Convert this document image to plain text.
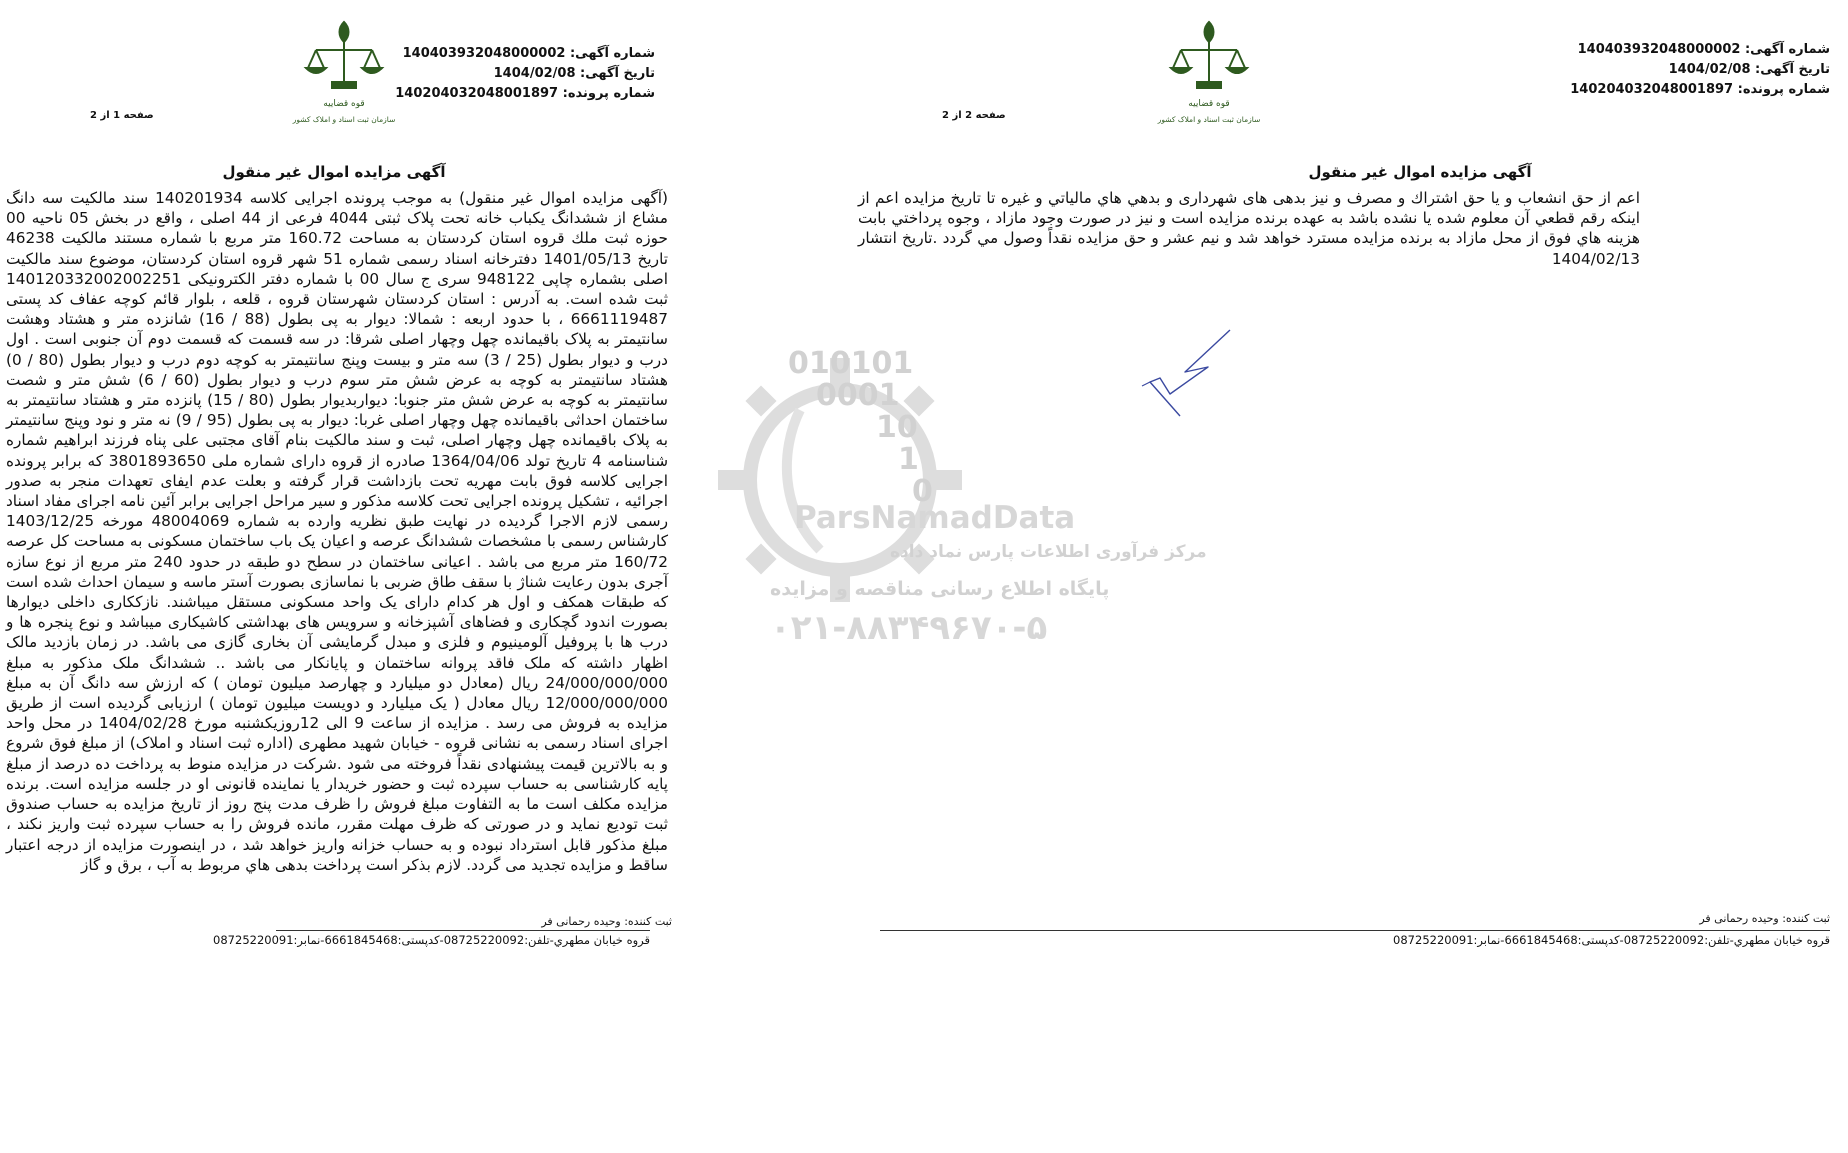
شماره آگهی: 140403932048000002
تاریخ آگهی: 1404/02/08
شماره پرونده: 140204032048001897
قوه قضاییه
سازمان ثبت اسناد و املاک کشور
صفحه 1 از 2
آگهی مزایده اموال غیر منقول

(آگهی مزایده اموال غیر منقول) به موجب پرونده اجرایی کلاسه 140201934 سند مالکیت سه دانگ مشاع از ششدانگ یکباب خانه تحت پلاک ثبتی 4044 فرعی از 44 اصلی ، واقع در بخش 05 ناحیه 00 حوزه ثبت ملك قروه استان کردستان به مساحت 160.72 متر مربع با شماره مستند مالکیت 46238 تاریخ 1401/05/13 دفترخانه اسناد رسمی شماره 51 شهر قروه استان کردستان، موضوع سند مالکیت اصلی بشماره چاپی 948122 سری ج سال 00 با شماره دفتر الکترونیکی 140120332002002251 ثبت شده است. به آدرس : استان کردستان شهرستان قروه ، قلعه ، بلوار قائم کوچه عفاف کد پستی 6661119487 ، با حدود اربعه : شمالا: دیوار به پی بطول (88 / 16) شانزده متر و هشتاد وهشت سانتیمتر به پلاک باقیمانده چهل وچهار اصلی شرقا: در سه قسمت که قسمت دوم آن جنوبی است . اول درب و دیوار بطول (25 / 3) سه متر و بیست وپنج سانتیمتر به کوچه دوم درب و دیوار بطول (80 / 0) هشتاد سانتیمتر به کوچه به عرض شش متر سوم درب و دیوار بطول (60 / 6) شش متر و شصت سانتیمتر به کوچه به عرض شش متر جنوبا: دیواربدیوار بطول (80 / 15) پانزده متر و هشتاد سانتیمتر به ساختمان احداثی باقیمانده چهل وچهار اصلی غربا: دیوار به پی بطول (95 / 9) نه متر و نود وپنج سانتیمتر به پلاک باقیمانده چهل وچهار اصلی، ثبت و سند مالکیت بنام آقای مجتبی علی پناه فرزند ابراهیم شماره شناسنامه 4 تاریخ تولد 1364/04/06 صادره از قروه دارای شماره ملی 3801893650 که برابر پرونده اجرایی کلاسه فوق بابت مهریه تحت بازداشت قرار گرفته و بعلت عدم ایفای تعهدات منجر به صدور اجرائیه ، تشکیل پرونده اجرایی تحت کلاسه مذکور و سیر مراحل اجرایی برابر آئین نامه اجرای مفاد اسناد رسمی لازم الاجرا گردیده در نهایت طبق نظریه وارده به شماره 48004069 مورخه 1403/12/25 کارشناس رسمی با مشخصات ششدانگ عرصه و اعیان یک باب ساختمان مسکونی به مساحت کل عرصه 160/72 متر مربع می باشد . اعیانی ساختمان در سطح دو طبقه در حدود 240 متر مربع از نوع سازه آجری بدون رعایت شناژ با سقف طاق ضربی با نماسازی بصورت آستر ماسه و سیمان احداث شده است که طبقات همکف و اول هر کدام دارای یک واحد مسکونی مستقل میباشند. نازککاری داخلی دیوارها بصورت اندود گچکاری و فضاهای آشپزخانه و سرویس های بهداشتی کاشیکاری میباشد و نوع پنجره ها و درب ها با پروفیل آلومینیوم و فلزی و مبدل گرمایشی آن بخاری گازی می باشد. در زمان بازدید مالک اظهار داشته که ملک فاقد پروانه ساختمان و پایانکار می باشد .. ششدانگ ملک مذکور به مبلغ 24/000/000/000 ریال (معادل دو میلیارد و چهارصد میلیون تومان ) که ارزش سه دانگ آن به مبلغ 12/000/000/000 ریال معادل ( یک میلیارد و دویست میلیون تومان ) ارزیابی گردیده است از طریق مزایده به فروش می رسد . مزایده از ساعت 9 الی 12روزیکشنبه مورخ 1404/02/28 در محل واحد اجرای اسناد رسمی به نشانی قروه - خیابان شهید مطهری (اداره ثبت اسناد و املاک) از مبلغ فوق شروع و به بالاترین قیمت پیشنهادی نقداً فروخته می شود .شرکت در مزایده منوط به پرداخت ده درصد از مبلغ پایه کارشناسی به حساب سپرده ثبت و حضور خریدار یا نماینده قانونی او در جلسه مزایده است. برنده مزایده مکلف است ما به التفاوت مبلغ فروش را ظرف مدت پنج روز از تاریخ مزایده به حساب صندوق ثبت تودیع نماید و در صورتی که ظرف مهلت مقرر، مانده فروش را به حساب سپرده ثبت واریز نکند ، مبلغ مذکور قابل استرداد نبوده و به حساب خزانه واریز خواهد شد ، در اینصورت مزایده از درجه اعتبار ساقط و مزایده تجدید می گردد. لازم بذکر است پرداخت بدهی هاي مربوط به آب ، برق و گاز

ثبت کننده: وحیده رحمانی فر
قروه خیابان مطهري-تلفن:08725220092-کدپستی:6661845468-نمابر:08725220091
شماره آگهی: 140403932048000002
تاریخ آگهی: 1404/02/08
شماره پرونده: 140204032048001897
قوه قضاییه
سازمان ثبت اسناد و املاک کشور
صفحه 2 از 2
آگهی مزایده اموال غیر منقول

اعم از حق انشعاب و یا حق اشتراك و مصرف و نیز بدهی های شهرداری و بدهي هاي مالیاتي و غیره تا تاریخ مزایده اعم از اینکه رقم قطعي آن معلوم شده یا نشده باشد به عهده برنده مزایده است و نیز در صورت وجود مازاد ، وجوه پرداختي بابت هزینه هاي فوق از محل مازاد به برنده مزایده مسترد خواهد شد و نیم عشر و حق مزایده نقداً وصول مي گردد .تاریخ انتشار 1404/02/13

ثبت کننده: وحیده رحمانی فر
قروه خیابان مطهري-تلفن:08725220092-کدپستی:6661845468-نمابر:08725220091
010101
0001
10
1
0
ParsNamadData
مرکز فرآوری اطلاعات پارس نماد داده
پایگاه اطلاع رسانی مناقصه و مزایده
۰۲۱-۸۸۳۴۹۶۷۰-۵
